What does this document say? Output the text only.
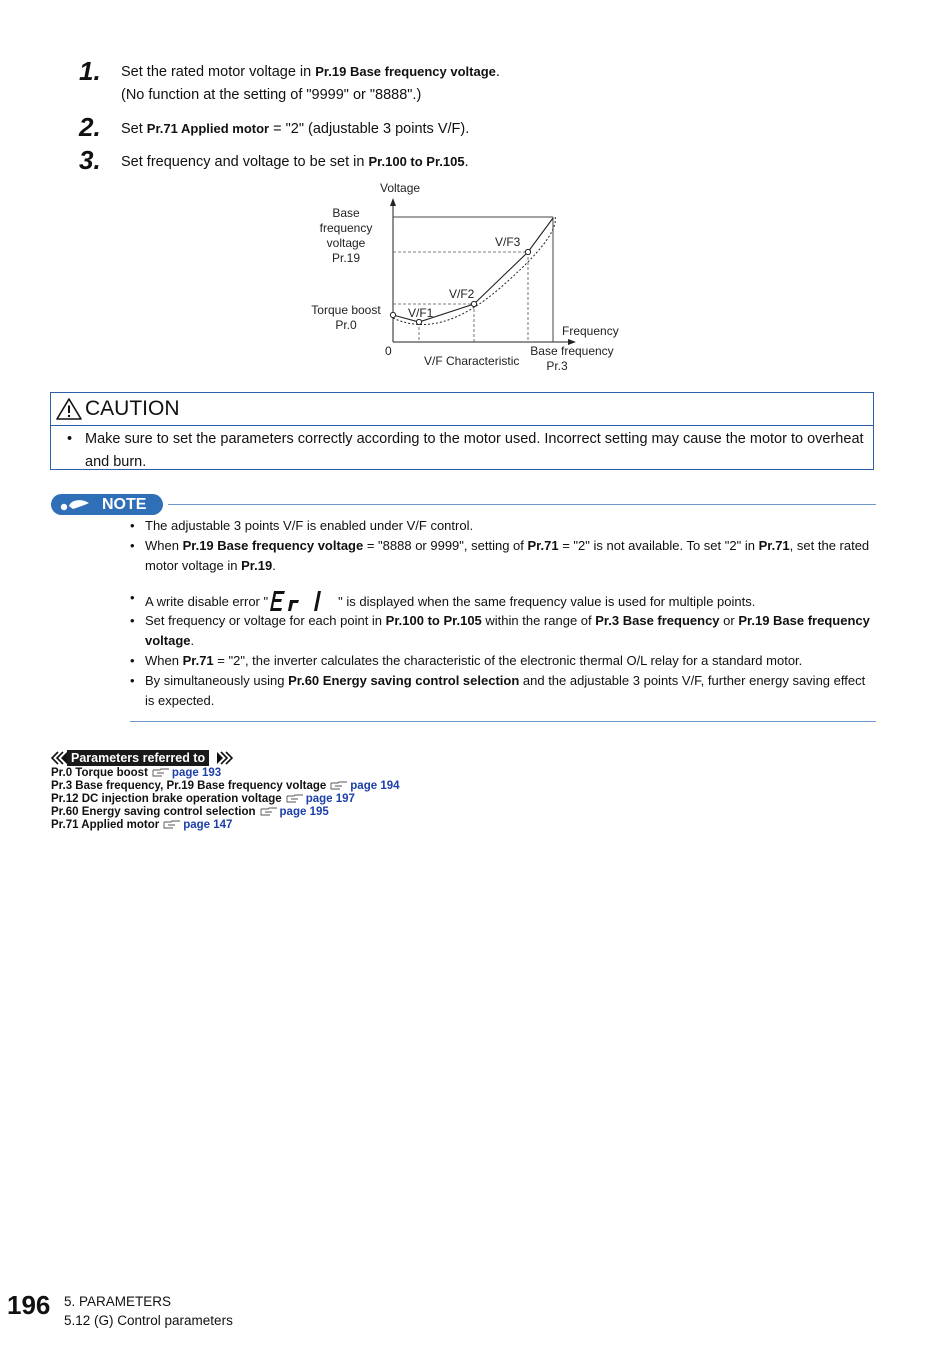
1. Set the rated motor voltage in Pr.19 Base frequency voltage.
(No function at the setting of "9999" or "8888".)
2. Set Pr.71 Applied motor = "2" (adjustable 3 points V/F).
3. Set frequency and voltage to be set in Pr.100 to Pr.105.
Voltage
Base
frequency
voltage
Pr.19
Torque boost
Pr.0
V/F1
V/F2
V/F3
Frequency
0
V/F Characteristic
Base frequency
Pr.3
CAUTION
• Make sure to set the parameters correctly according to the motor used. Incorrect setting may cause the motor to overheat and burn.
NOTE
• The adjustable 3 points V/F is enabled under V/F control.
• When Pr.19 Base frequency voltage = "8888 or 9999", setting of Pr.71 = "2" is not available. To set "2" in Pr.71, set the rated motor voltage in Pr.19.
• A write disable error "	" is displayed when the same frequency value is used for multiple points.
• Set frequency or voltage for each point in Pr.100 to Pr.105 within the range of Pr.3 Base frequency or Pr.19 Base frequency voltage.
• When Pr.71 = "2", the inverter calculates the characteristic of the electronic thermal O/L relay for a standard motor.
• By simultaneously using Pr.60 Energy saving control selection and the adjustable 3 points V/F, further energy saving effect is expected.
Parameters referred to
Pr.0 Torque boost page 193
Pr.3 Base frequency, Pr.19 Base frequency voltage page 194
Pr.12 DC injection brake operation voltage page 197
Pr.60 Energy saving control selection page 195
Pr.71 Applied motor page 147
196 5. PARAMETERS
5.12 (G) Control parameters
